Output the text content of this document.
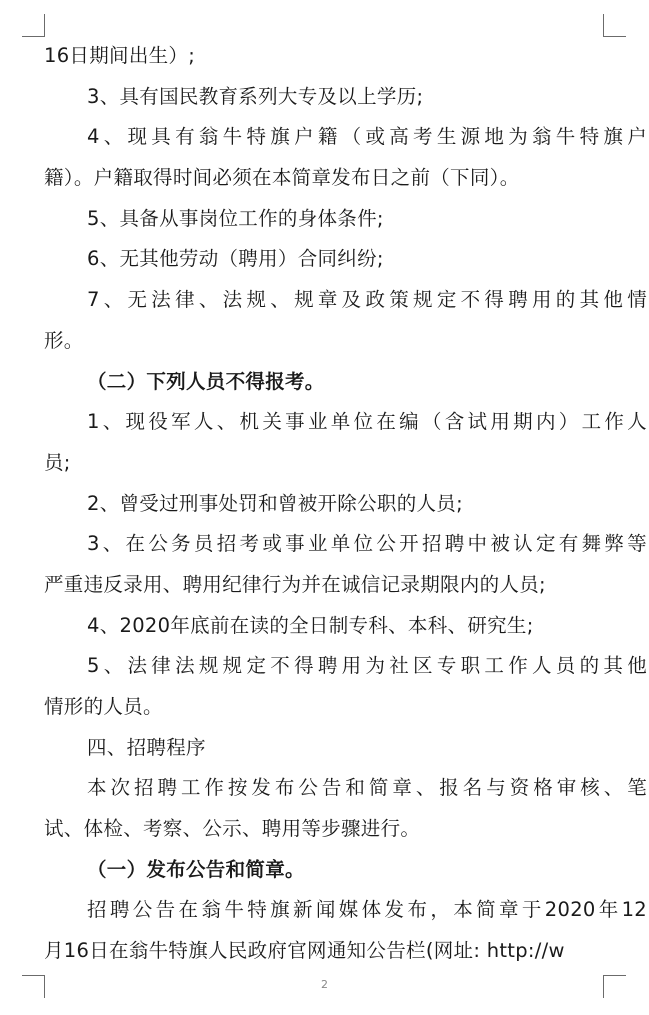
16日期间出生）;
3、具有国民教育系列大专及以上学历;
4、现具有翁牛特旗户籍（或高考生源地为翁牛特旗户
籍）。户籍取得时间必须在本简章发布日之前（下同）。
5、具备从事岗位工作的身体条件;
6、无其他劳动（聘用）合同纠纷;
7、无法律、法规、规章及政策规定不得聘用的其他情
形。
（二）下列人员不得报考。
1、现役军人、机关事业单位在编（含试用期内）工作人
员;
2、曾受过刑事处罚和曾被开除公职的人员;
3、在公务员招考或事业单位公开招聘中被认定有舞弊等
严重违反录用、聘用纪律行为并在诚信记录期限内的人员;
4、2020年底前在读的全日制专科、本科、研究生;
5、法律法规规定不得聘用为社区专职工作人员的其他
情形的人员。
四、招聘程序
本次招聘工作按发布公告和简章、报名与资格审核、笔
试、体检、考察、公示、聘用等步骤进行。
（一）发布公告和简章。
招聘公告在翁牛特旗新闻媒体发布，本简章于2020年12
月16日在翁牛特旗人民政府官网通知公告栏(网址: http://w
2
